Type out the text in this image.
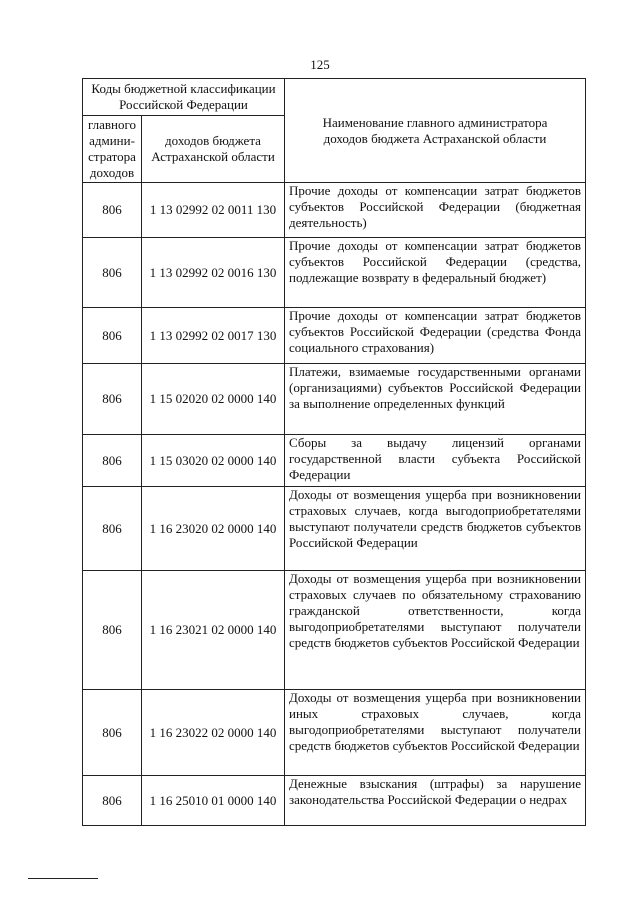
125
Коды бюджетной классификации Российской Федерации		Наименование главного администратора доходов бюджета Астраханской области
главного админи-стратора доходов	доходов бюджета Астраханской области	
806	1 13 02992 02 0011 130	Прочие доходы от компенсации затрат бюджетов субъектов Российской Федерации (бюджетная деятельность)
806	1 13 02992 02 0016 130	Прочие доходы от компенсации затрат бюджетов субъектов Российской Федерации (средства, подлежащие возврату в федеральный бюджет)
806	1 13 02992 02 0017 130	Прочие доходы от компенсации затрат бюджетов субъектов Российской Федерации (средства Фонда социального страхования)
806	1 15 02020 02 0000 140	Платежи, взимаемые государственными органами (организациями) субъектов Российской Федерации за выполнение определенных функций
806	1 15 03020 02 0000 140	Сборы за выдачу лицензий органами государственной власти субъекта Российской Федерации
806	1 16 23020 02 0000 140	Доходы от возмещения ущерба при возникновении страховых случаев, когда выгодоприобретателями выступают получатели средств бюджетов субъектов Российской Федерации
806	1 16 23021 02 0000 140	Доходы от возмещения ущерба при возникновении страховых случаев по обязательному страхованию гражданской ответственности, когда выгодоприобретателями выступают получатели средств бюджетов субъектов Российской Федерации
806	1 16 23022 02 0000 140	Доходы от возмещения ущерба при возникновении иных страховых случаев, когда выгодоприобретателями выступают получатели средств бюджетов субъектов Российской Федерации
806	1 16 25010 01 0000 140	Денежные взыскания (штрафы) за нарушение законодательства Российской Федерации о недрах
